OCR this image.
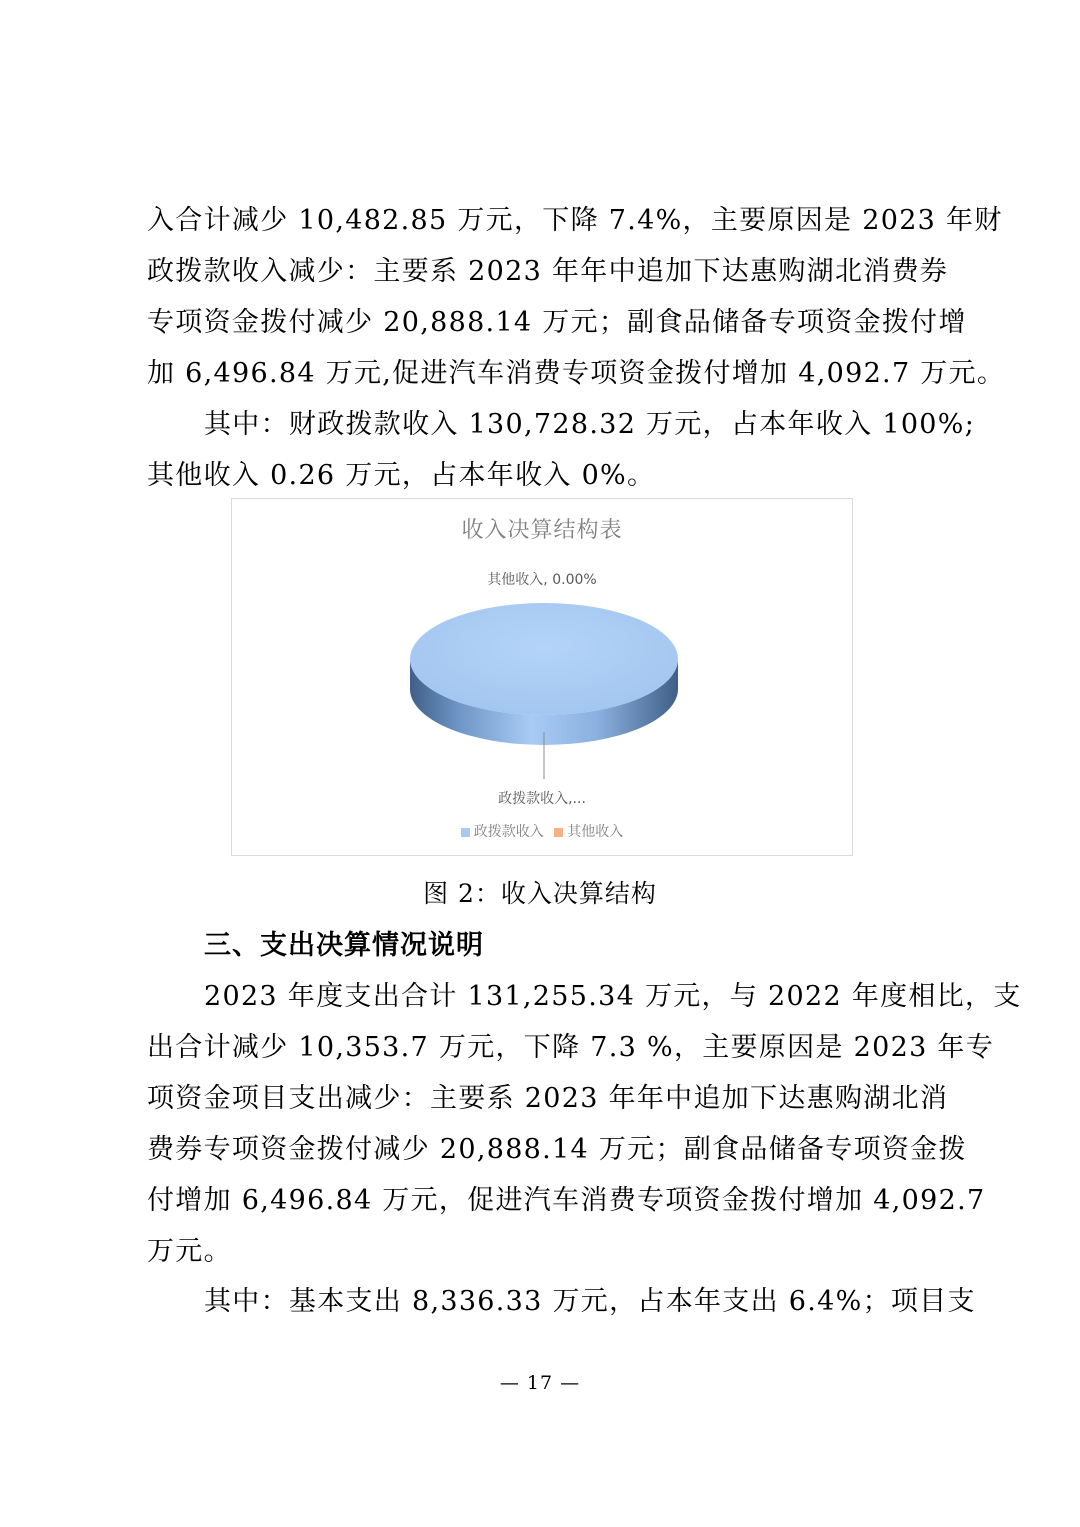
入合计减少 10,482.85 万元，下降 7.4%，主要原因是 2023 年财
政拨款收入减少：主要系 2023 年年中追加下达惠购湖北消费券
专项资金拨付减少 20,888.14 万元；副食品储备专项资金拨付增
加 6,496.84 万元,促进汽车消费专项资金拨付增加 4,092.7 万元。
其中：财政拨款收入 130,728.32 万元，占本年收入 100%;
其他收入 0.26 万元，占本年收入 0%。
收入决算结构表
其他收入, 0.00%
政拨款收入,...
政拨款收入 其他收入
图 2：收入决算结构
三、支出决算情况说明
2023 年度支出合计 131,255.34 万元，与 2022 年度相比，支
出合计减少 10,353.7 万元，下降 7.3 %，主要原因是 2023 年专
项资金项目支出减少：主要系 2023 年年中追加下达惠购湖北消
费券专项资金拨付减少 20,888.14 万元；副食品储备专项资金拨
付增加 6,496.84 万元，促进汽车消费专项资金拨付增加 4,092.7
万元。
其中：基本支出 8,336.33 万元，占本年支出 6.4%；项目支
— 17 —
